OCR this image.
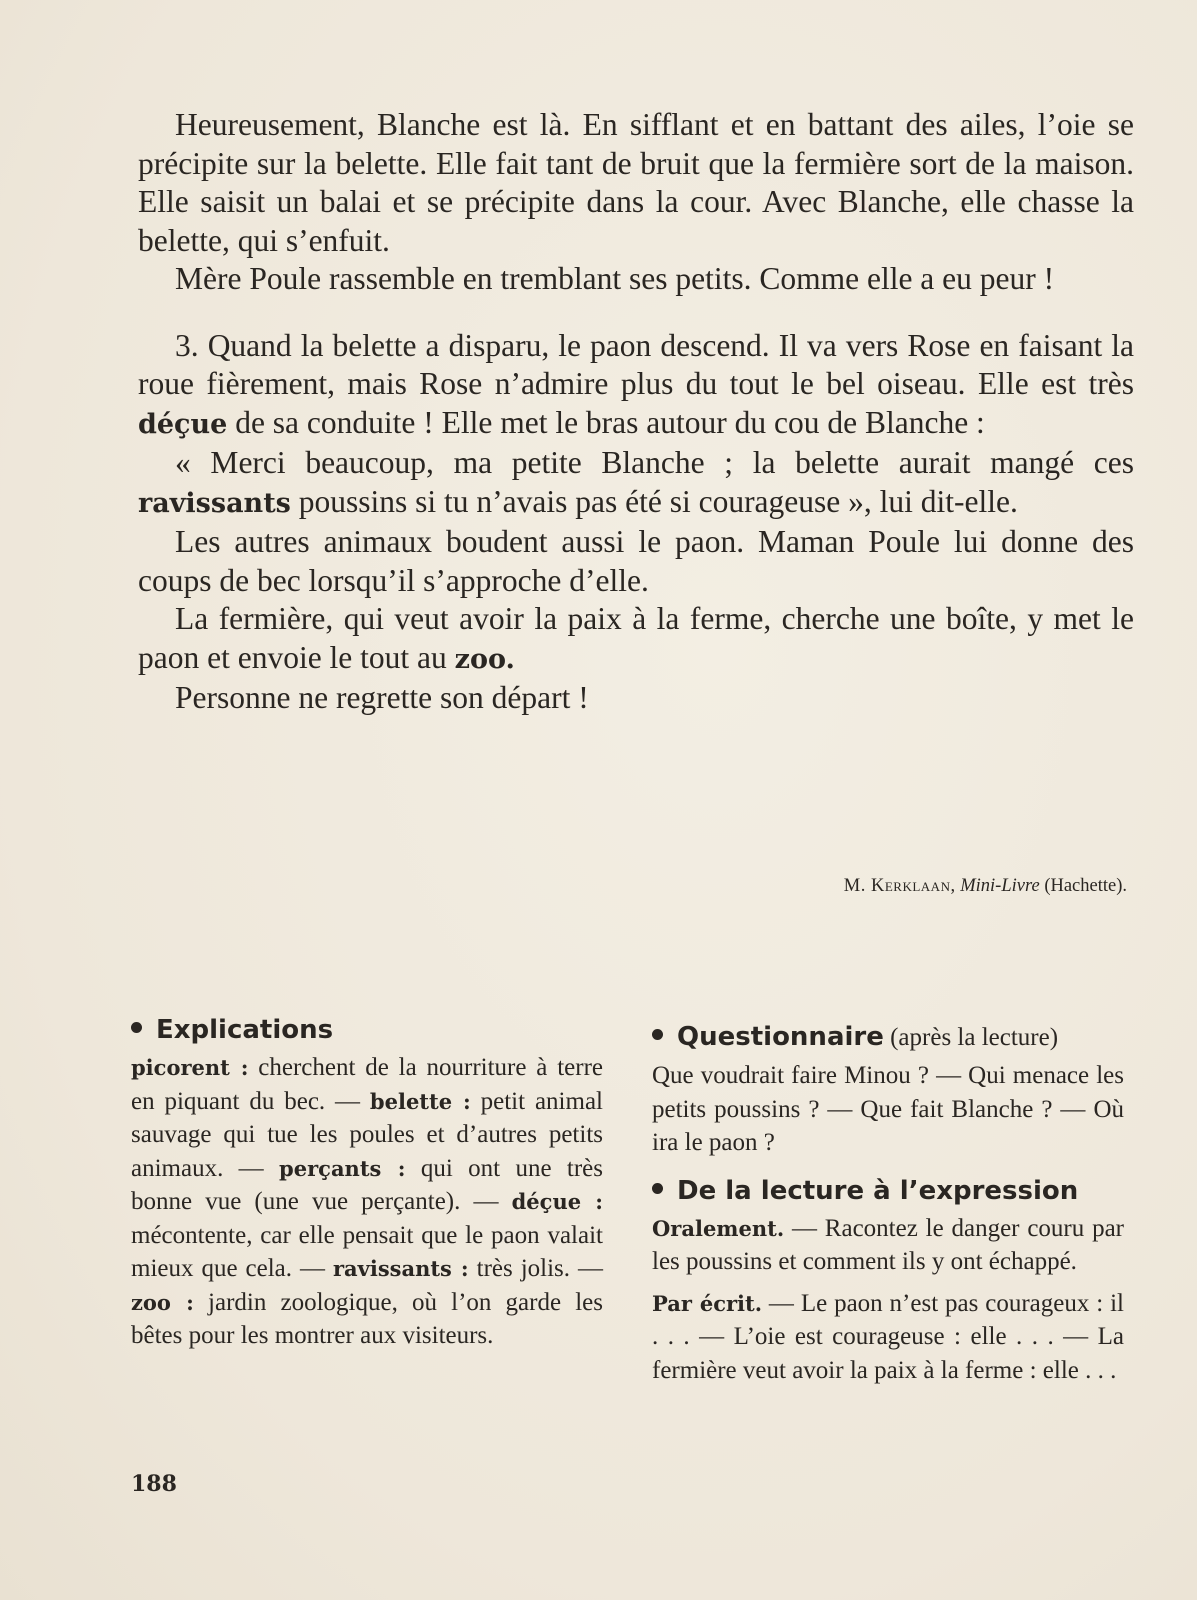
Heureusement, Blanche est là. En sifflant et en battant des ailes, l’oie se précipite sur la belette. Elle fait tant de bruit que la fermière sort de la maison. Elle saisit un balai et se précipite dans la cour. Avec Blanche, elle chasse la belette, qui s’enfuit.

Mère Poule rassemble en tremblant ses petits. Comme elle a eu peur !

3. Quand la belette a disparu, le paon descend. Il va vers Rose en faisant la roue fièrement, mais Rose n’admire plus du tout le bel oiseau. Elle est très déçue de sa conduite ! Elle met le bras autour du cou de Blanche :

« Merci beaucoup, ma petite Blanche ; la belette aurait mangé ces ravissants poussins si tu n’avais pas été si courageuse », lui dit-elle.

Les autres animaux boudent aussi le paon. Maman Poule lui donne des coups de bec lorsqu’il s’approche d’elle.

La fermière, qui veut avoir la paix à la ferme, cherche une boîte, y met le paon et envoie le tout au zoo.

Personne ne regrette son départ !

M. Kerklaan, Mini-Livre (Hachette).
Explications

picorent : cherchent de la nourriture à terre en piquant du bec. — belette : petit animal sauvage qui tue les poules et d’autres petits animaux. — perçants : qui ont une très bonne vue (une vue perçante). — déçue : mécontente, car elle pensait que le paon valait mieux que cela. — ravissants : très jolis. — zoo : jardin zoologique, où l’on garde les bêtes pour les montrer aux visiteurs.

Questionnaire (après la lecture)

Que voudrait faire Minou ? — Qui menace les petits poussins ? — Que fait Blanche ? — Où ira le paon ?

De la lecture à l’expression

Oralement. — Racontez le danger couru par les poussins et comment ils y ont échappé.

Par écrit. — Le paon n’est pas courageux : il . . . — L’oie est courageuse : elle . . . — La fermière veut avoir la paix à la ferme : elle . . .

188
